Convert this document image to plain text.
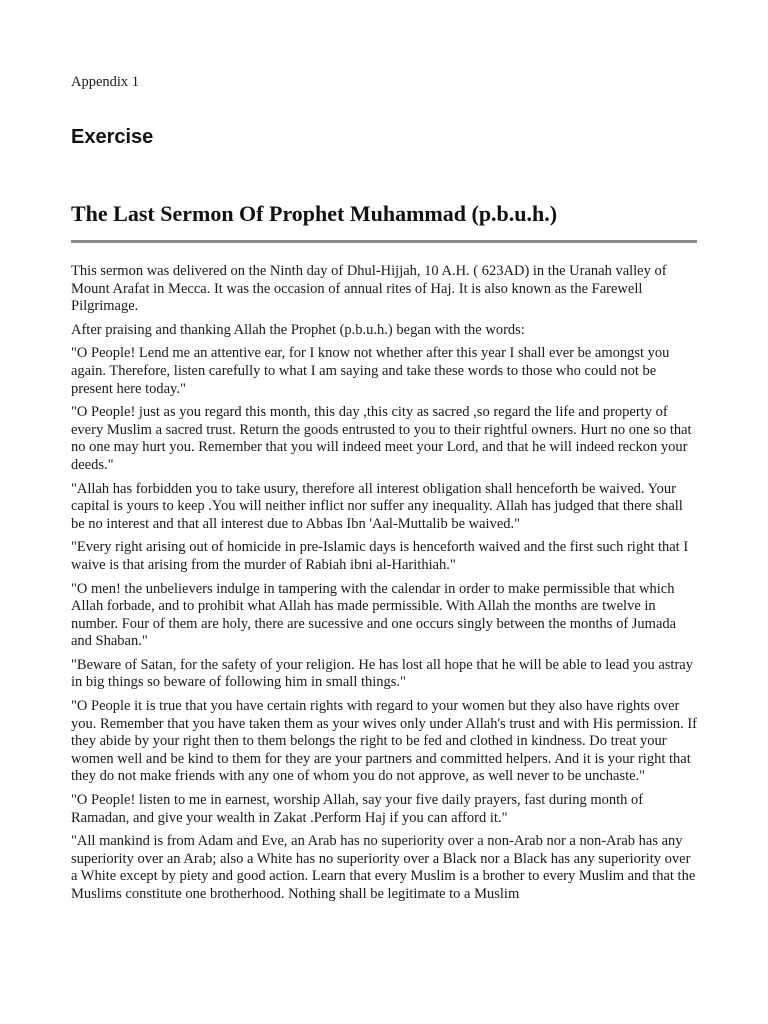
Appendix 1
Exercise
The Last Sermon Of Prophet Muhammad (p.b.u.h.)

This sermon was delivered on the Ninth day of Dhul-Hijjah, 10 A.H. ( 623AD) in the Uranah valley of Mount Arafat in Mecca. It was the occasion of annual rites of Haj. It is also known as the Farewell Pilgrimage.

After praising and thanking Allah the Prophet (p.b.u.h.) began with the words:

"O People! Lend me an attentive ear, for I know not whether after this year I shall ever be amongst you again. Therefore, listen carefully to what I am saying and take these words to those who could not be present here today."

"O People! just as you regard this month, this day ,this city as sacred ,so regard the life and property of every Muslim a sacred trust. Return the goods entrusted to you to their rightful owners. Hurt no one so that no one may hurt you. Remember that you will indeed meet your Lord, and that he will indeed reckon your deeds."

"Allah has forbidden you to take usury, therefore all interest obligation shall henceforth be waived. Your capital is yours to keep .You will neither inflict nor suffer any inequality. Allah has judged that there shall be no interest and that all interest due to Abbas Ibn 'Aal-Muttalib be waived."

"Every right arising out of homicide in pre-Islamic days is henceforth waived and the first such right that I waive is that arising from the murder of Rabiah ibni al-Harithiah."

"O men! the unbelievers indulge in tampering with the calendar in order to make permissible that which Allah forbade, and to prohibit what Allah has made permissible. With Allah the months are twelve in number. Four of them are holy, there are sucessive and one occurs singly between the months of Jumada and Shaban."

"Beware of Satan, for the safety of your religion. He has lost all hope that he will be able to lead you astray in big things so beware of following him in small things."

"O People it is true that you have certain rights with regard to your women but they also have rights over you. Remember that you have taken them as your wives only under Allah's trust and with His permission. If they abide by your right then to them belongs the right to be fed and clothed in kindness. Do treat your women well and be kind to them for they are your partners and committed helpers. And it is your right that they do not make friends with any one of whom you do not approve, as well never to be unchaste."

"O People! listen to me in earnest, worship Allah, say your five daily prayers, fast during month of Ramadan, and give your wealth in Zakat .Perform Haj if you can afford it."

"All mankind is from Adam and Eve, an Arab has no superiority over a non-Arab nor a non-Arab has any superiority over an Arab; also a White has no superiority over a Black nor a Black has any superiority over a White except by piety and good action. Learn that every Muslim is a brother to every Muslim and that the Muslims constitute one brotherhood. Nothing shall be legitimate to a Muslim
